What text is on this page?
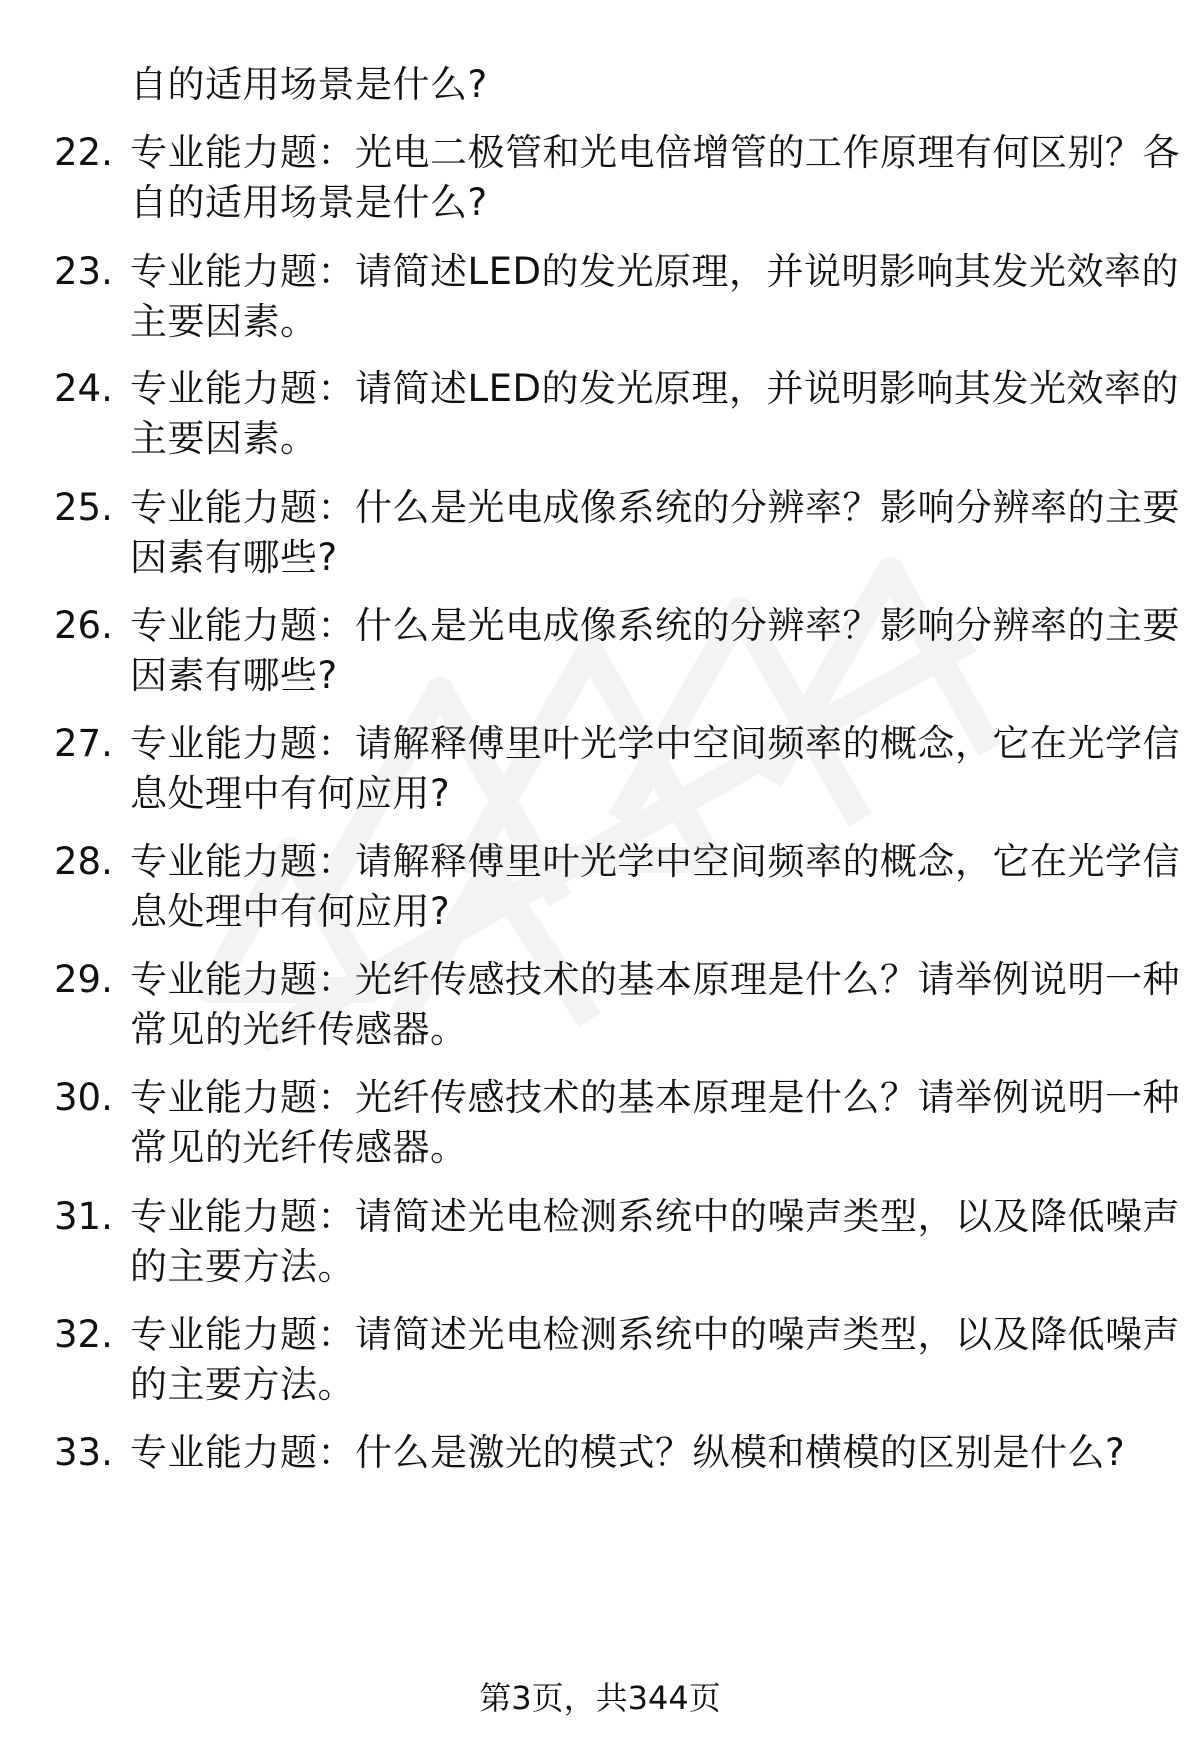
自的适用场景是什么?
22. 专业能力题：光电二极管和光电倍增管的工作原理有何区别？各
自的适用场景是什么?
23. 专业能力题：请简述LED的发光原理，并说明影响其发光效率的
主要因素。
24. 专业能力题：请简述LED的发光原理，并说明影响其发光效率的
主要因素。
25. 专业能力题：什么是光电成像系统的分辨率？影响分辨率的主要
因素有哪些?
26. 专业能力题：什么是光电成像系统的分辨率？影响分辨率的主要
因素有哪些?
27. 专业能力题：请解释傅里叶光学中空间频率的概念，它在光学信
息处理中有何应用?
28. 专业能力题：请解释傅里叶光学中空间频率的概念，它在光学信
息处理中有何应用?
29. 专业能力题：光纤传感技术的基本原理是什么？请举例说明一种
常见的光纤传感器。
30. 专业能力题：光纤传感技术的基本原理是什么？请举例说明一种
常见的光纤传感器。
31. 专业能力题：请简述光电检测系统中的噪声类型，以及降低噪声
的主要方法。
32. 专业能力题：请简述光电检测系统中的噪声类型，以及降低噪声
的主要方法。
33. 专业能力题：什么是激光的模式？纵模和横模的区别是什么?
第3页，共344页
